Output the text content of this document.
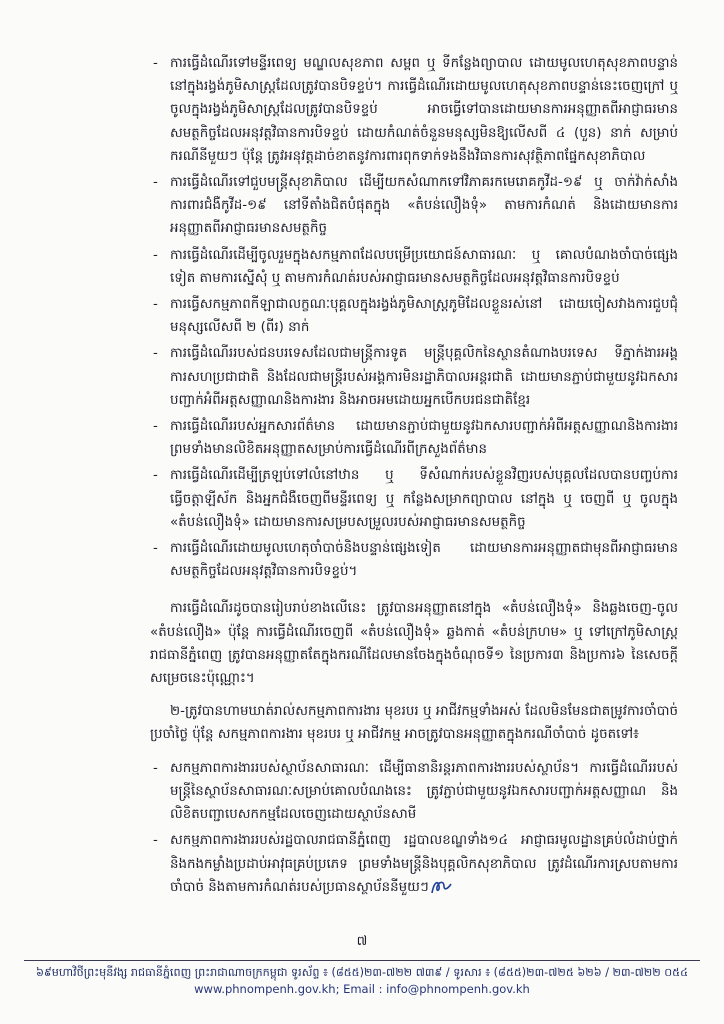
- ការធ្វើដំណើរទៅមន្ទីរពេទ្យ មណ្ឌលសុខភាព សម្ពព ឬ ទីកន្លែងព្យាបាល ដោយមូលហេតុសុខភាពបន្ទាន់ នៅក្នុងរង្វង់ភូមិសាស្ត្រដែលត្រូវបានបិទខ្ទប់។ ការធ្វើដំណើរដោយមូលហេតុសុខភាពបន្ទាន់នេះចេញក្រៅ ឬ ចូលក្នុងរង្វង់ភូមិសាស្ត្រដែលត្រូវបានបិទខ្ទប់ អាចធ្វើទៅបានដោយមានការអនុញ្ញាតពីអាជ្ញាធរមានសមត្ថកិច្ចដែលអនុវត្តវិធានការបិទខ្ទប់ ដោយកំណត់ចំនួនមនុស្សមិនឱ្យលើសពី ៤ (បួន) នាក់ សម្រាប់ករណីនីមួយៗ ប៉ុន្តែ ត្រូវអនុវត្តដាច់ខាតនូវការពារពុកទាក់ទងនឹងវិធានការសុវត្ថិភាពផ្នែកសុខាភិបាល
- ការធ្វើដំណើរទៅជួបមន្ត្រីសុខាភិបាល ដើម្បីយកសំណាកទៅវិភាគរកមេរោគកូវីដ-១៩ ឬ ចាក់វ៉ាក់សាំងការពារជំងឺកូវីដ-១៩ នៅទីតាំងជិតបំផុតក្នុង «តំបន់លឿងទុំ» តាមការកំណត់ និងដោយមានការអនុញ្ញាតពីអាជ្ញាធរមានសមត្ថកិច្ច
- ការធ្វើដំណើរដើម្បីចូលរួមក្នុងសកម្មភាពដែលបម្រើប្រយោជន៍សាធារណៈ ឬ គោលបំណងចាំបាច់ផ្សេងទៀត តាមការស្នើសុំ ឬ តាមការកំណត់របស់អាជ្ញាធរមានសមត្ថកិច្ចដែលអនុវត្តវិធានការបិទខ្ទប់
- ការធ្វើសកម្មភាពកីឡាជាលក្ខណៈបុគ្គលក្នុងរង្វង់ភូមិសាស្ត្រភូមិដែលខ្លួនរស់នៅ ដោយចៀសវាងការជួបជុំមនុស្សលើសពី ២ (ពីរ) នាក់
- ការធ្វើដំណើររបស់ជនបរទេសដែលជាមន្ត្រីការទូត មន្ត្រីបុគ្គលិកនៃស្ថានតំណាងបរទេស ទីភ្នាក់ងារអង្គការសហប្រជាជាតិ និងដែលជាមន្ត្រីរបស់អង្គការមិនរដ្ឋាភិបាលអន្តរជាតិ ដោយមានភ្ជាប់ជាមួយនូវឯកសារបញ្ជាក់អំពីអត្តសញ្ញាណនិងការងារ និងអាចអមដោយអ្នកបើកបរជនជាតិខ្មែរ
- ការធ្វើដំណើររបស់អ្នកសារព័ត៌មាន ដោយមានភ្ជាប់ជាមួយនូវឯកសារបញ្ជាក់អំពីអត្តសញ្ញាណនិងការងារ ព្រមទាំងមានលិខិតអនុញ្ញាតសម្រាប់ការធ្វើដំណើរពីក្រសួងព័ត៌មាន
- ការធ្វើដំណើរដើម្បីត្រឡប់ទៅលំនៅឋាន ឬ ទីសំណាក់របស់ខ្លួនវិញរបស់បុគ្គលដែលបានបញ្ចប់ការធ្វើចត្តាឡីស័ក និងអ្នកជំងឺចេញពីមន្ទីរពេទ្យ ឬ កន្លែងសម្រាកព្យាបាល នៅក្នុង ឬ ចេញពី ឬ ចូលក្នុង «តំបន់លឿងទុំ» ដោយមានការសម្របសម្រួលរបស់អាជ្ញាធរមានសមត្ថកិច្ច
- ការធ្វើដំណើរដោយមូលហេតុចាំបាច់និងបន្ទាន់ផ្សេងទៀត ដោយមានការអនុញ្ញាតជាមុនពីអាជ្ញាធរមានសមត្ថកិច្ចដែលអនុវត្តវិធានការបិទខ្ទប់។

ការធ្វើដំណើរដូចបានរៀបរាប់ខាងលើនេះ ត្រូវបានអនុញ្ញាតនៅក្នុង «តំបន់លឿងទុំ» និងឆ្លងចេញ-ចូល «តំបន់លឿង» ប៉ុន្តែ ការធ្វើដំណើរចេញពី «តំបន់លឿងទុំ» ឆ្លងកាត់ «តំបន់ក្រហម» ឬ ទៅក្រៅភូមិសាស្ត្ររាជធានីភ្នំពេញ ត្រូវបានអនុញ្ញាតតែក្នុងករណីដែលមានចែងក្នុងចំណុចទី១ នៃប្រការ៣ និងប្រការ៦ នៃសេចក្តីសម្រេចនេះប៉ុណ្ណោះ។

២-ត្រូវបានហាមឃាត់រាល់សកម្មភាពការងារ មុខរបរ ឬ អាជីវកម្មទាំងអស់ ដែលមិនមែនជាតម្រូវការចាំបាច់ប្រចាំថ្ងៃ ប៉ុន្តែ សកម្មភាពការងារ មុខរបរ ឬ អាជីវកម្ម អាចត្រូវបានអនុញ្ញាតក្នុងករណីចាំបាច់ ដូចតទៅ៖

- សកម្មភាពការងាររបស់ស្ថាប័នសាធារណៈ ដើម្បីធានានិរន្តរភាពការងាររបស់ស្ថាប័ន។ ការធ្វើដំណើររបស់មន្ត្រីនៃស្ថាប័នសាធារណៈសម្រាប់គោលបំណងនេះ ត្រូវភ្ជាប់ជាមួយនូវឯកសារបញ្ជាក់អត្តសញ្ញាណ និងលិខិតបញ្ជាបេសកកម្មដែលចេញដោយស្ថាប័នសាមី
- សកម្មភាពការងាររបស់រដ្ឋបាលរាជធានីភ្នំពេញ រដ្ឋបាលខណ្ឌទាំង១៤ អាជ្ញាធរមូលដ្ឋានគ្រប់លំដាប់ថ្នាក់ និងកងកម្លាំងប្រដាប់អាវុធគ្រប់ប្រភេទ ព្រមទាំងមន្ត្រីនិងបុគ្គលិកសុខាភិបាល ត្រូវដំណើរការស្របតាមការចាំបាច់ និងតាមការកំណត់របស់ប្រធានស្ថាប័ននីមួយៗ
៧
៦៩មហាវិថីព្រះមុនីវង្ស រាជធានីភ្នំពេញ ព្រះរាជាណាចក្រកម្ពុជា ទូរស័ព្ទ ៖ (៨៥៥)២៣-៧២២ ៧៣៩ / ទូរសារ ៖ (៨៥៥)២៣-៧២៥ ៦២៦ / ២៣-៧២២ ០៥៤
www.phnompenh.gov.kh; Email : info@phnompenh.gov.kh
